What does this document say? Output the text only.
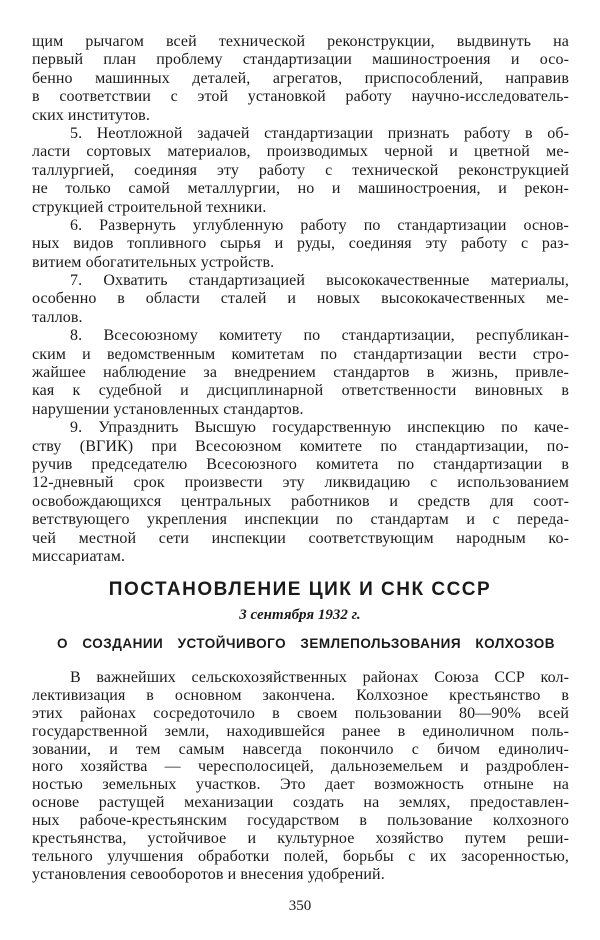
щим рычагом всей технической реконструкции, выдвинуть на
первый план проблему стандартизации машиностроения и осо-
бенно машинных деталей, агрегатов, приспособлений, направив
в соответствии с этой установкой работу научно-исследователь-
ских институтов.
5. Неотложной задачей стандартизации признать работу в об-
ласти сортовых материалов, производимых черной и цветной ме-
таллургией, соединяя эту работу с технической реконструкцией
не только самой металлургии, но и машиностроения, и рекон-
струкцией строительной техники.
6. Развернуть углубленную работу по стандартизации основ-
ных видов топливного сырья и руды, соединяя эту работу с раз-
витием обогатительных устройств.
7. Охватить стандартизацией высококачественные материалы,
особенно в области сталей и новых высококачественных ме-
таллов.
8. Всесоюзному комитету по стандартизации, республикан-
ским и ведомственным комитетам по стандартизации вести стро-
жайшее наблюдение за внедрением стандартов в жизнь, привле-
кая к судебной и дисциплинарной ответственности виновных в
нарушении установленных стандартов.
9. Упразднить Высшую государственную инспекцию по каче-
ству (ВГИК) при Всесоюзном комитете по стандартизации, по-
ручив председателю Всесоюзного комитета по стандартизации в
12-дневный срок произвести эту ликвидацию с использованием
освобождающихся центральных работников и средств для соот-
ветствующего укрепления инспекции по стандартам и с переда-
чей местной сети инспекции соответствующим народным ко-
миссариатам.
ПОСТАНОВЛЕНИЕ ЦИК И СНК СССР
3 сентября 1932 г.
О СОЗДАНИИ УСТОЙЧИВОГО ЗЕМЛЕПОЛЬЗОВАНИЯ КОЛХОЗОВ
В важнейших сельскохозяйственных районах Союза ССР кол-
лективизация в основном закончена. Колхозное крестьянство в
этих районах сосредоточило в своем пользовании 80—90% всей
государственной земли, находившейся ранее в единоличном поль-
зовании, и тем самым навсегда покончило с бичом единолич-
ного хозяйства — чересполосицей, дальноземельем и раздроблен-
ностью земельных участков. Это дает возможность отныне на
основе растущей механизации создать на землях, предоставлен-
ных рабоче-крестьянским государством в пользование колхозного
крестьянства, устойчивое и культурное хозяйство путем реши-
тельного улучшения обработки полей, борьбы с их засоренностью,
установления севооборотов и внесения удобрений.
350
